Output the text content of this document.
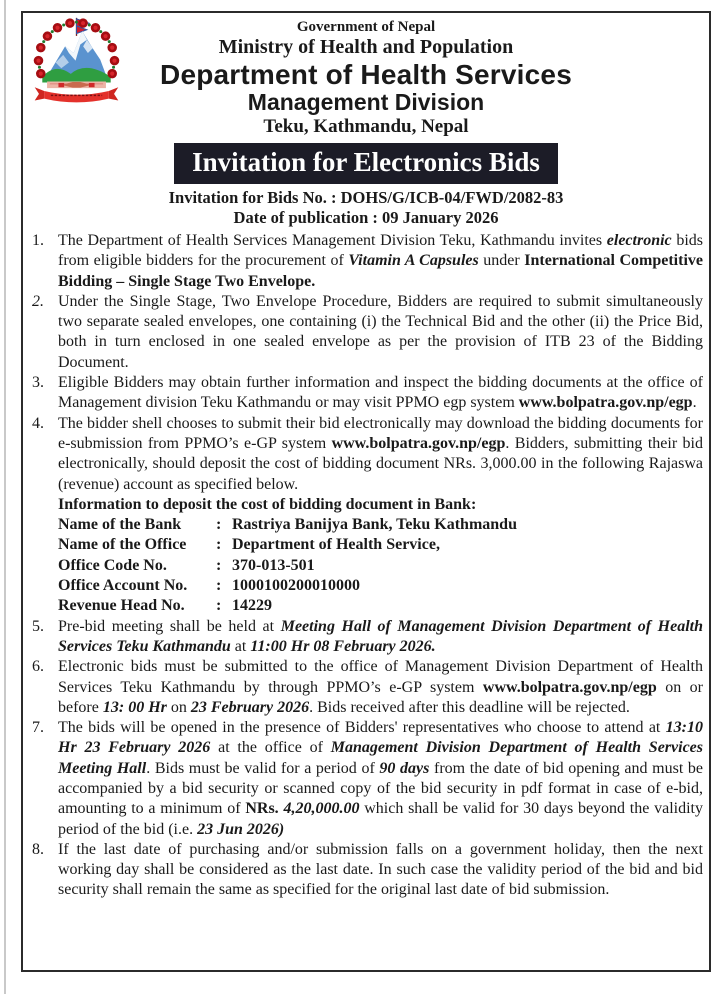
Government of Nepal
Ministry of Health and Population
Department of Health Services
Management Division
Teku, Kathmandu, Nepal
Invitation for Electronics Bids
Invitation for Bids No. : DOHS/G/ICB-04/FWD/2082-83
Date of publication : 09 January 2026
1. The Department of Health Services Management Division Teku, Kathmandu invites electronic bids from eligible bidders for the procurement of Vitamin A Capsules under International Competitive Bidding – Single Stage Two Envelope.
2. Under the Single Stage, Two Envelope Procedure, Bidders are required to submit simultaneously two separate sealed envelopes, one containing (i) the Technical Bid and the other (ii) the Price Bid, both in turn enclosed in one sealed envelope as per the provision of ITB 23 of the Bidding Document.
3. Eligible Bidders may obtain further information and inspect the bidding documents at the office of Management division Teku Kathmandu or may visit PPMO egp system www.bolpatra.gov.np/egp.
4. The bidder shell chooses to submit their bid electronically may download the bidding documents for e-submission from PPMO’s e-GP system www.bolpatra.gov.np/egp. Bidders, submitting their bid electronically, should deposit the cost of bidding document NRs. 3,000.00 in the following Rajaswa (revenue) account as specified below.
Information to deposit the cost of bidding document in Bank:
Name of the Bank	: Rastriya Banijya Bank, Teku Kathmandu
Name of the Office	: Department of Health Service,
Office Code No.	: 370-013-501
Office Account No.	: 1000100200010000
Revenue Head No.	: 14229
5. Pre-bid meeting shall be held at Meeting Hall of Management Division Department of Health Services Teku Kathmandu at 11:00 Hr 08 February 2026.
6. Electronic bids must be submitted to the office of Management Division Department of Health Services Teku Kathmandu by through PPMO’s e-GP system www.bolpatra.gov.np/egp on or before 13: 00 Hr on 23 February 2026. Bids received after this deadline will be rejected.
7. The bids will be opened in the presence of Bidders' representatives who choose to attend at 13:10 Hr 23 February 2026 at the office of Management Division Department of Health Services Meeting Hall. Bids must be valid for a period of 90 days from the date of bid opening and must be accompanied by a bid security or scanned copy of the bid security in pdf format in case of e-bid, amounting to a minimum of NRs. 4,20,000.00 which shall be valid for 30 days beyond the validity period of the bid (i.e. 23 Jun 2026)
8. If the last date of purchasing and/or submission falls on a government holiday, then the next working day shall be considered as the last date. In such case the validity period of the bid and bid security shall remain the same as specified for the original last date of bid submission.
